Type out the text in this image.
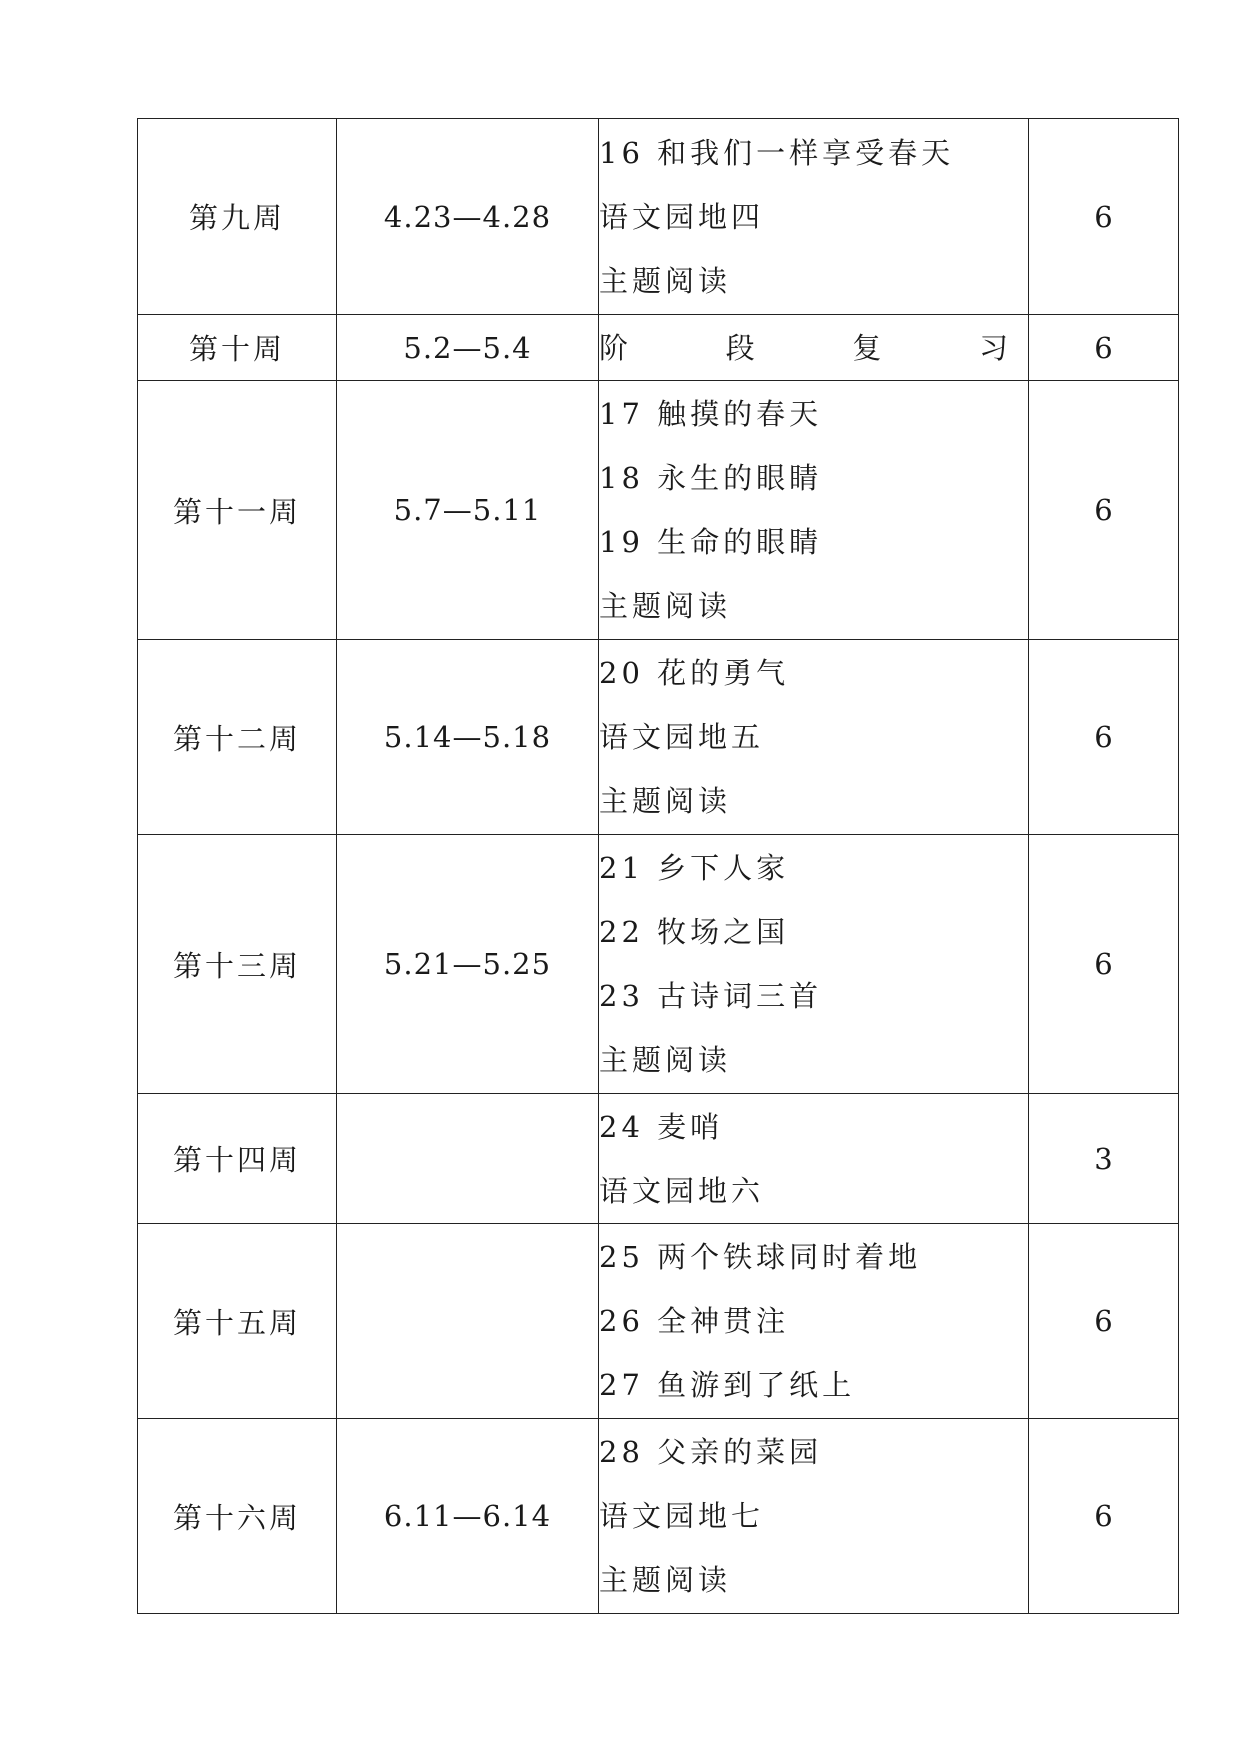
第九周	4.23—4.28	16 和我们一样享受春天
语文园地四
主题阅读	6
第十周	5.2—5.4	阶 段 复 习	6
第十一周	5.7—5.11	17 触摸的春天
18 永生的眼睛
19 生命的眼睛
主题阅读	6
第十二周	5.14—5.18	20 花的勇气
语文园地五
主题阅读	6
第十三周	5.21—5.25	21 乡下人家
22 牧场之国
23 古诗词三首
主题阅读	6
第十四周		24 麦哨
语文园地六	3
第十五周		25 两个铁球同时着地
26 全神贯注
27 鱼游到了纸上	6
第十六周	6.11—6.14	28 父亲的菜园
语文园地七
主题阅读	6
